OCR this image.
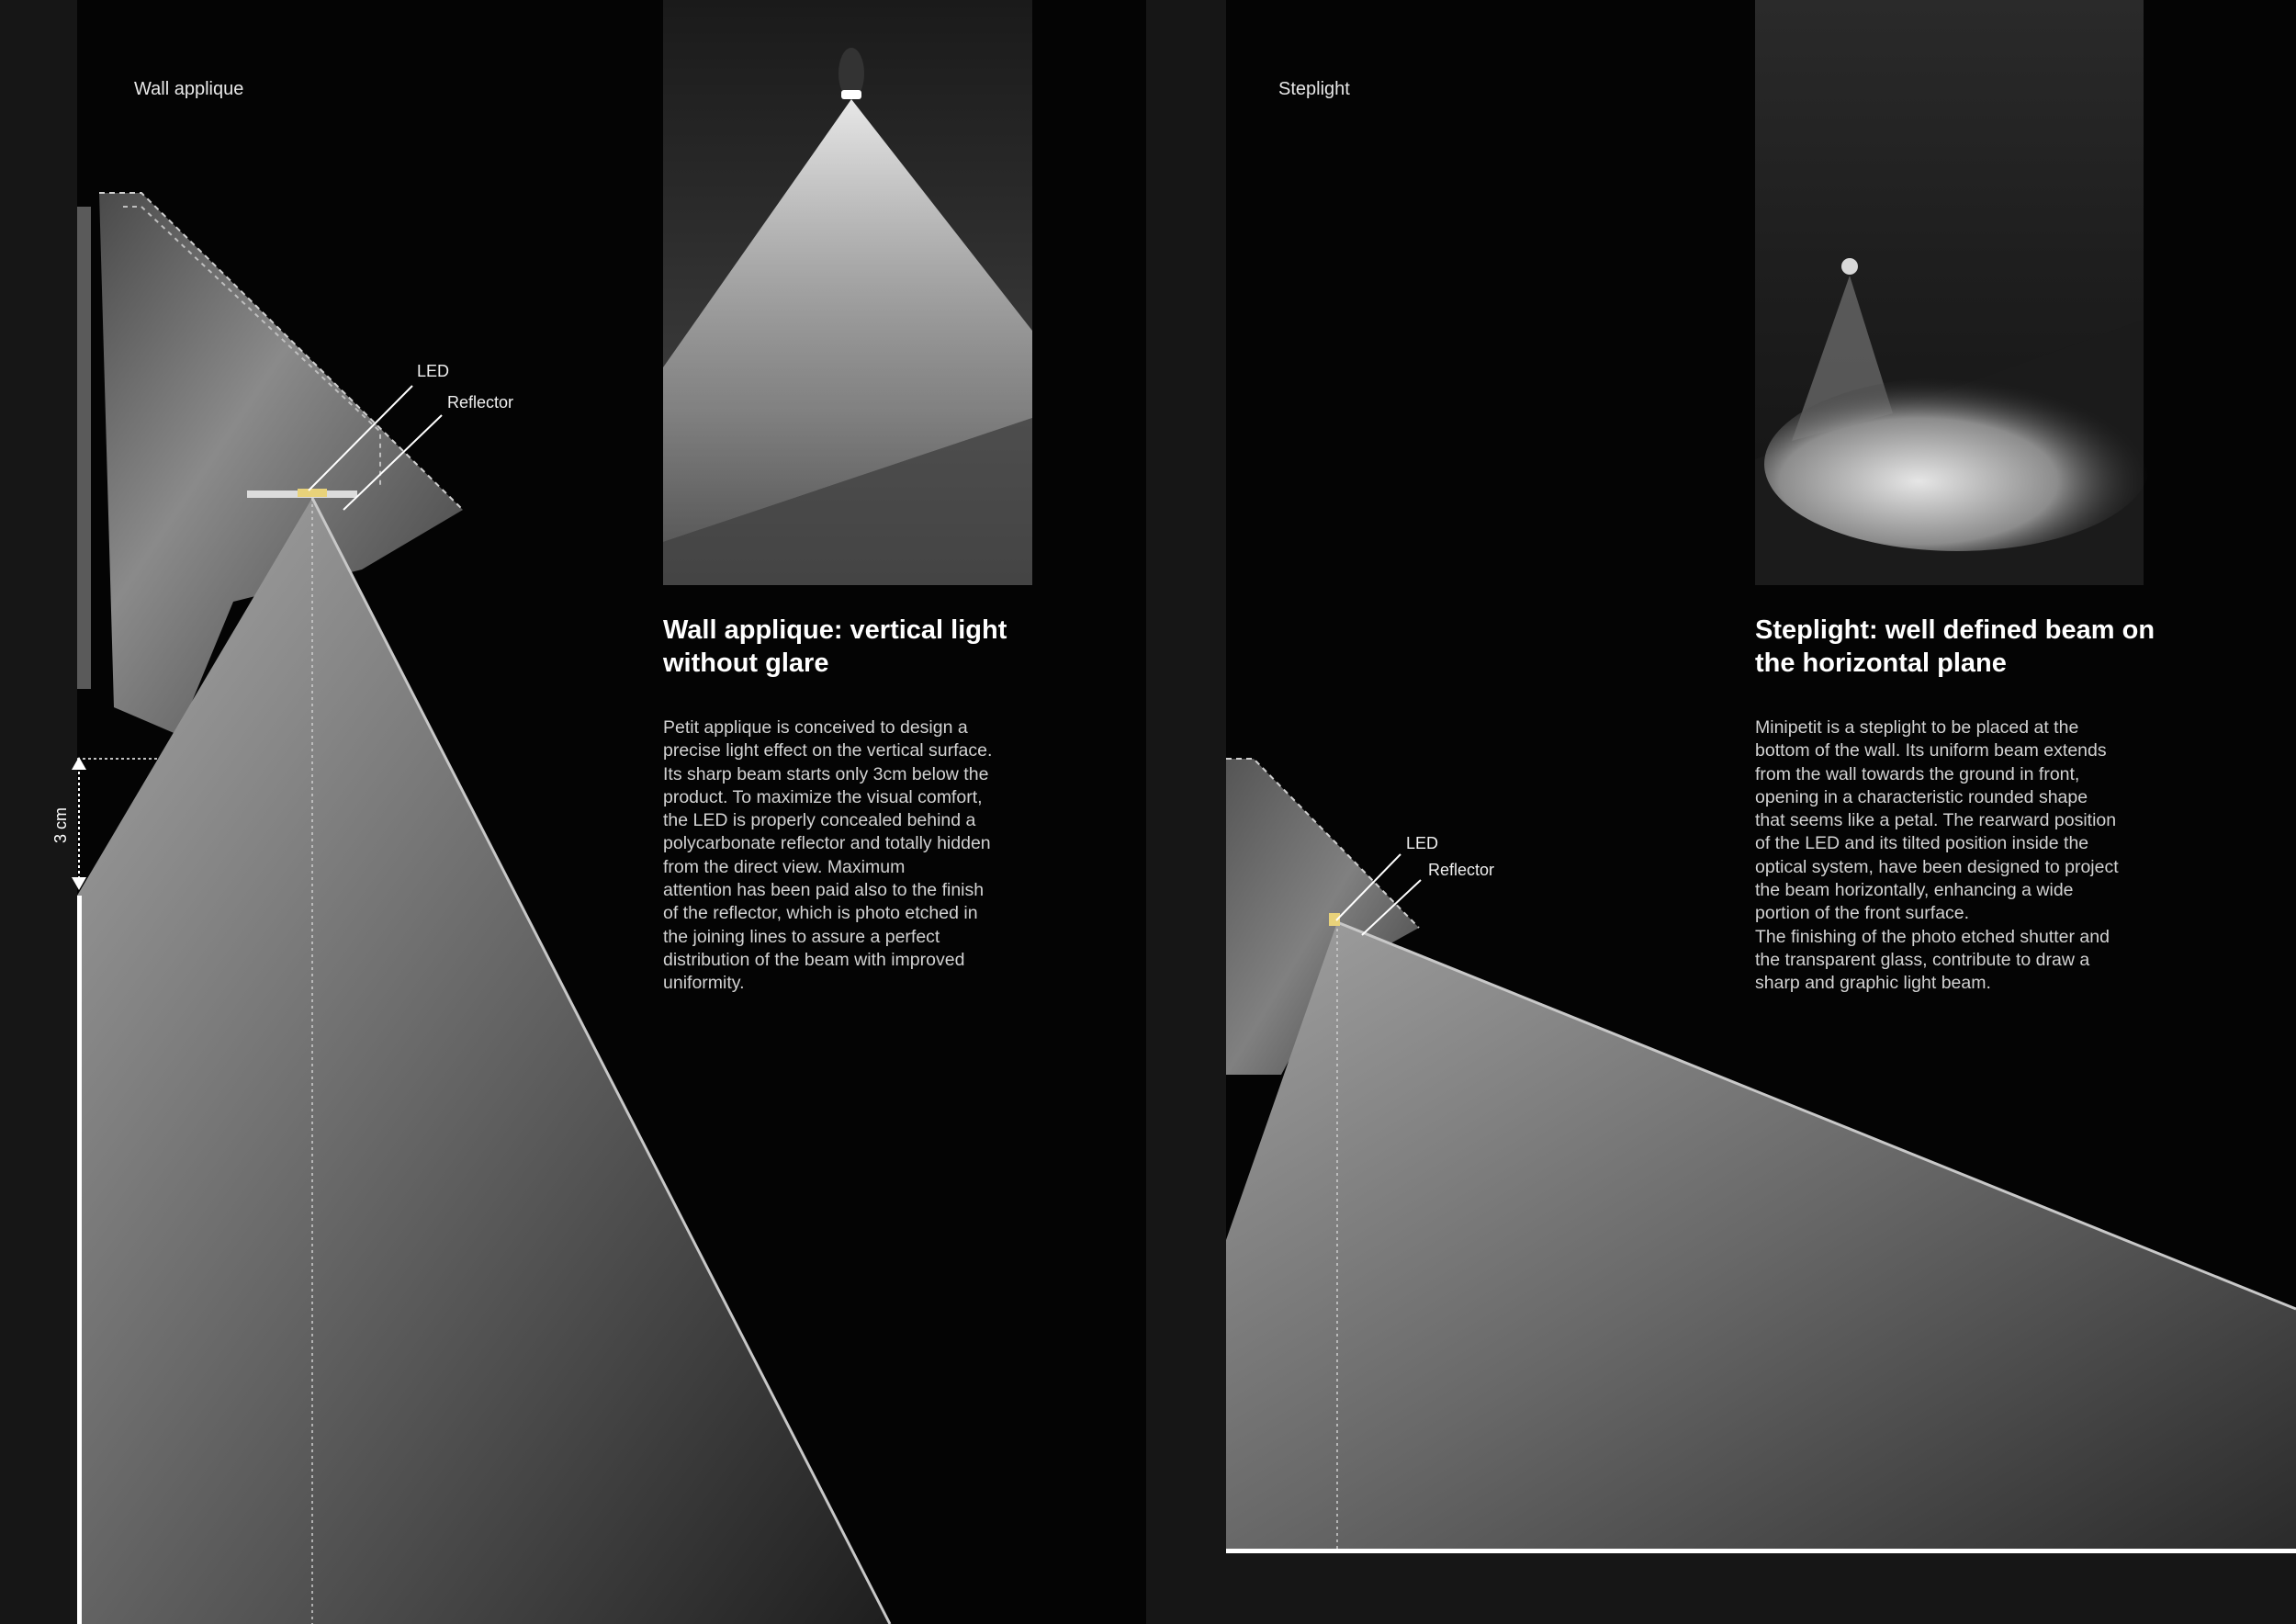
Wall applique
LED
Reflector
3 cm
Wall applique: vertical light without glare
Petit applique is conceived to design a
precise light effect on the vertical surface.
Its sharp beam starts only 3cm below the
product. To maximize the visual comfort,
the LED is properly concealed behind a
polycarbonate reflector and totally hidden
from the direct view. Maximum
attention has been paid also to the finish
of the reflector, which is photo etched in
the joining lines to assure a perfect
distribution of the beam with improved
uniformity.
Steplight
LED
Reflector
Steplight: well defined beam on the horizontal plane
Minipetit is a steplight to be placed at the
bottom of the wall. Its uniform beam extends
from the wall towards the ground in front,
opening in a characteristic rounded shape
that seems like a petal. The rearward position
of the LED and its tilted position inside the
optical system, have been designed to project
the beam horizontally, enhancing a wide
portion of the front surface.
The finishing of the photo etched shutter and
the transparent glass, contribute to draw a
sharp and graphic light beam.
